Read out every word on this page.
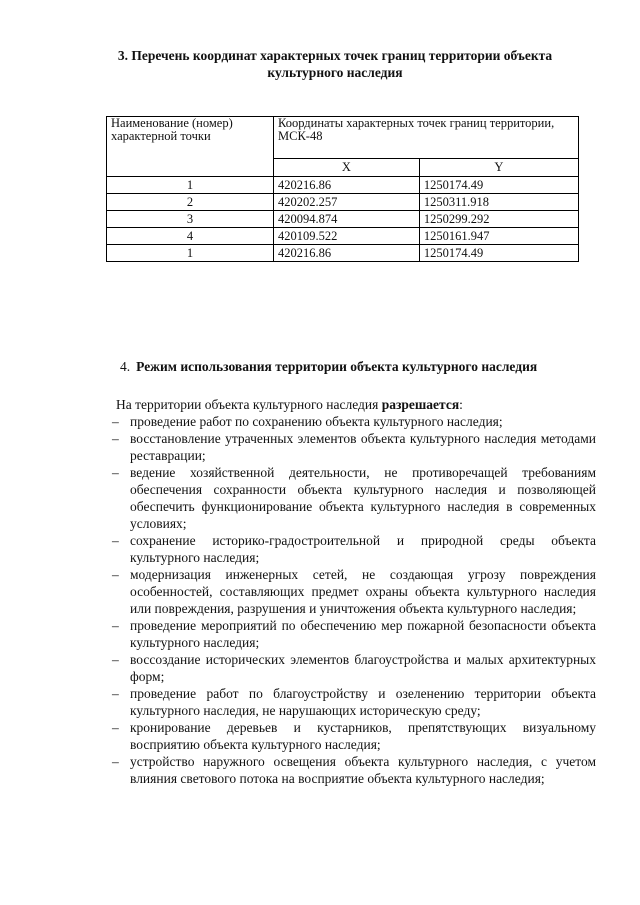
3. Перечень координат характерных точек границ территории объекта культурного наследия
Наименование (номер) характерной точки	Координаты характерных точек границ территории, МСК-48	
	X	Y
1	420216.86	1250174.49
2	420202.257	1250311.918
3	420094.874	1250299.292
4	420109.522	1250161.947
1	420216.86	1250174.49
4. Режим использования территории объекта культурного наследия
На территории объекта культурного наследия разрешается:
– проведение работ по сохранению объекта культурного наследия;
– восстановление утраченных элементов объекта культурного наследия методами реставрации;
– ведение хозяйственной деятельности, не противоречащей требованиям обеспечения сохранности объекта культурного наследия и позволяющей обеспечить функционирование объекта культурного наследия в современных условиях;
– сохранение историко-градостроительной и природной среды объекта культурного наследия;
– модернизация инженерных сетей, не создающая угрозу повреждения особенностей, составляющих предмет охраны объекта культурного наследия или повреждения, разрушения и уничтожения объекта культурного наследия;
– проведение мероприятий по обеспечению мер пожарной безопасности объекта культурного наследия;
– воссоздание исторических элементов благоустройства и малых архитектурных форм;
– проведение работ по благоустройству и озеленению территории объекта культурного наследия, не нарушающих историческую среду;
– кронирование деревьев и кустарников, препятствующих визуальному восприятию объекта культурного наследия;
– устройство наружного освещения объекта культурного наследия, с учетом влияния светового потока на восприятие объекта культурного наследия;
